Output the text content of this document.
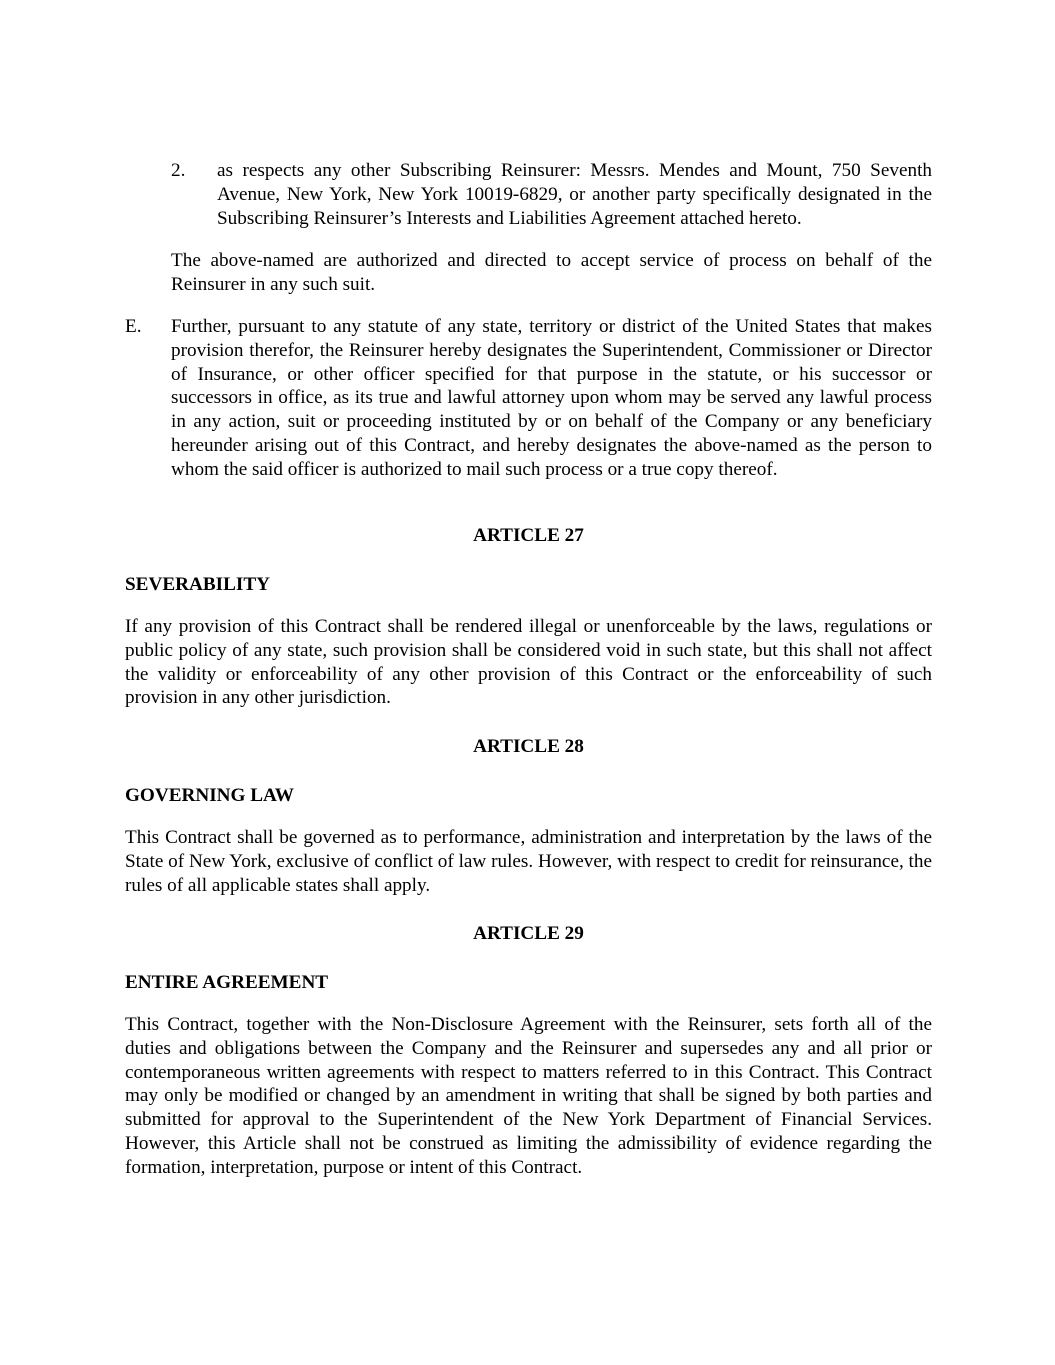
2. as respects any other Subscribing Reinsurer: Messrs. Mendes and Mount, 750 Seventh Avenue, New York, New York 10019-6829, or another party specifically designated in the Subscribing Reinsurer’s Interests and Liabilities Agreement attached hereto.

The above-named are authorized and directed to accept service of process on behalf of the Reinsurer in any such suit.

E. Further, pursuant to any statute of any state, territory or district of the United States that makes provision therefor, the Reinsurer hereby designates the Superintendent, Commissioner or Director of Insurance, or other officer specified for that purpose in the statute, or his successor or successors in office, as its true and lawful attorney upon whom may be served any lawful process in any action, suit or proceeding instituted by or on behalf of the Company or any beneficiary hereunder arising out of this Contract, and hereby designates the above-named as the person to whom the said officer is authorized to mail such process or a true copy thereof.

ARTICLE 27

SEVERABILITY

If any provision of this Contract shall be rendered illegal or unenforceable by the laws, regulations or public policy of any state, such provision shall be considered void in such state, but this shall not affect the validity or enforceability of any other provision of this Contract or the enforceability of such provision in any other jurisdiction.

ARTICLE 28

GOVERNING LAW

This Contract shall be governed as to performance, administration and interpretation by the laws of the State of New York, exclusive of conflict of law rules. However, with respect to credit for reinsurance, the rules of all applicable states shall apply.

ARTICLE 29

ENTIRE AGREEMENT

This Contract, together with the Non-Disclosure Agreement with the Reinsurer, sets forth all of the duties and obligations between the Company and the Reinsurer and supersedes any and all prior or contemporaneous written agreements with respect to matters referred to in this Contract. This Contract may only be modified or changed by an amendment in writing that shall be signed by both parties and submitted for approval to the Superintendent of the New York Department of Financial Services. However, this Article shall not be construed as limiting the admissibility of evidence regarding the formation, interpretation, purpose or intent of this Contract.
